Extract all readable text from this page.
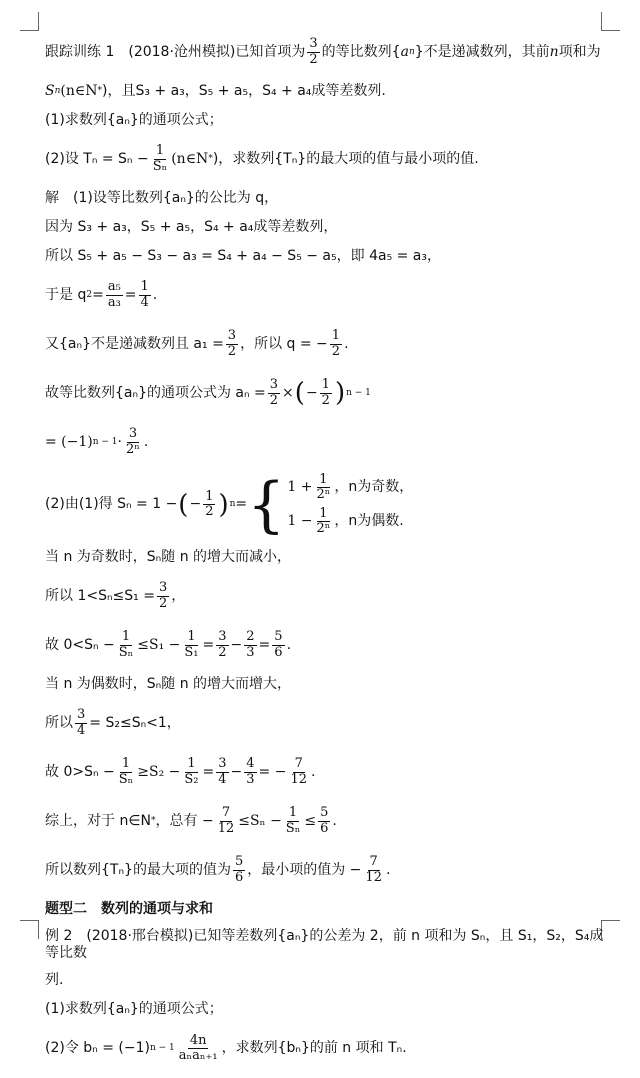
跟踪训练 1　(2018·沧州模拟)已知首项为 $\frac{3}{2}$ 的等比数列{ a n }不是递减数列，其前 n 项和为
S n (n∈N * )，且 S₃ + a₃，S₅ + a₅，S₄ + a₄成等差数列.
(1)求数列{aₙ}的通项公式；
(2)设 $T_n = S_n - \frac{1}{\text{Sₙ}}$ (n∈N * )，求数列{Tₙ}的最大项的值与最小项的值.
解 　(1)设等比数列{aₙ}的公比为 q，
因为 S₃ + a₃，S₅ + a₅，S₄ + a₄成等差数列，
所以 S₅ + a₅ − S₃ − a₃ = S₄ + a₄ − S₅ − a₅，即 4a₅ = a₃，
于是 q $2 = \frac{\text{a₅}}{\text{a₃}} = \frac{1}{4}$ .
又{aₙ}不是递减数列且 $a_1 = \frac{3}{2}$ ，所以 q = − $\frac{1}{2}$ .
故等比数列{aₙ}的通项公式为 $a_n = \frac{3}{2}$ × ( − $\frac{1}{2}$ ) n − 1
= (−1) $n - 1 \cdot \frac{3}{\text{2ⁿ}}$ .
(2)由(1)得 Sₙ = 1 − ( − $\frac{1}{2}$ ) n = { $1 + \frac{1}{\text{2ⁿ}}$ ，n为奇数，
$1 - \frac{1}{\text{2ⁿ}}$ ，n为偶数.
当 n 为奇数时，Sₙ随 n 的增大而减小，
所以 $1<S_n\le S_1 = \frac{3}{2}$ ，
故 $0<S_n - \frac{1}{\text{Sₙ}} \le S_1 - \frac{1}{\text{S₁}} = \frac{3}{2} - \frac{2}{3} = \frac{5}{6}$ .
当 n 为偶数时，Sₙ随 n 的增大而增大，
所以 $\frac{3}{4} = S_2\le S_n<1$，
故 $0>S_n - \frac{1}{\text{Sₙ}} \ge S_2 - \frac{1}{\text{S₂}} = \frac{3}{4} - \frac{4}{3}$ = − $\frac{7}{12}$ .
综上，对于 n∈N * ，总有 − $\frac{7}{12} \le S_n - \frac{1}{\text{Sₙ}} \le \frac{5}{6}$ .
所以数列{Tₙ}的最大项的值为 $\frac{5}{6}$ ，最小项的值为 − $\frac{7}{12}$ .
题型二　数列的通项与求和
例 2　(2018·邢台模拟)已知等差数列{aₙ}的公差为 2，前 n 项和为 Sₙ，且 S₁，S₂，S₄成等比数
列.
(1)求数列{aₙ}的通项公式；
(2)令 bₙ = (−1) $n - 1 \frac{4n}{\text{aₙaₙ₊₁}}$ ，求数列{bₙ}的前 n 项和 Tₙ.
